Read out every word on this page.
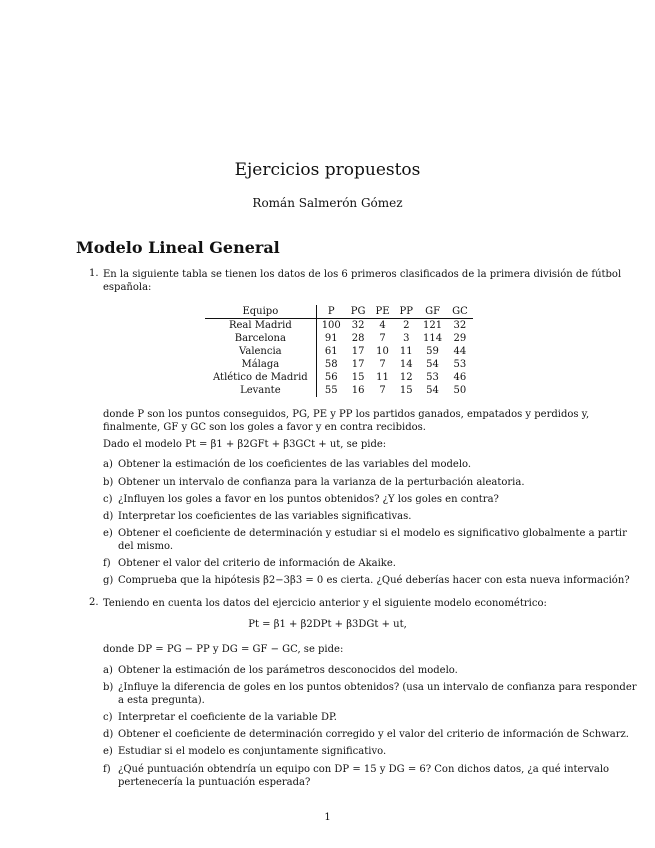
Ejercicios propuestos
Román Salmerón Gómez
Modelo Lineal General
1. En la siguiente tabla se tienen los datos de los 6 primeros clasificados de la primera división de fútbol
española:
Equipo	P	PG	PE	PP	GF	GC
Real Madrid	100	32	4	2	121	32
Barcelona	91	28	7	3	114	29
Valencia	61	17	10	11	59	44
Málaga	58	17	7	14	54	53
Atlético de Madrid	56	15	11	12	53	46
Levante	55	16	7	15	54	50
donde P son los puntos conseguidos, PG, PE y PP los partidos ganados, empatados y perdidos y,
finalmente, GF y GC son los goles a favor y en contra recibidos.
Dado el modelo Pt = β1 + β2GFt + β3GCt + ut, se pide:
a) Obtener la estimación de los coeficientes de las variables del modelo.
b) Obtener un intervalo de confianza para la varianza de la perturbación aleatoria.
c) ¿Influyen los goles a favor en los puntos obtenidos? ¿Y los goles en contra?
d) Interpretar los coeficientes de las variables significativas.
e) Obtener el coeficiente de determinación y estudiar si el modelo es significativo globalmente a partir
del mismo.
f) Obtener el valor del criterio de información de Akaike.
g) Comprueba que la hipótesis β2−3β3 = 0 es cierta. ¿Qué deberías hacer con esta nueva información?
2. Teniendo en cuenta los datos del ejercicio anterior y el siguiente modelo econométrico:
Pt = β1 + β2DPt + β3DGt + ut,
donde DP = PG − PP y DG = GF − GC, se pide:
a) Obtener la estimación de los parámetros desconocidos del modelo.
b) ¿Influye la diferencia de goles en los puntos obtenidos? (usa un intervalo de confianza para responder
a esta pregunta).
c) Interpretar el coeficiente de la variable DP.
d) Obtener el coeficiente de determinación corregido y el valor del criterio de información de Schwarz.
e) Estudiar si el modelo es conjuntamente significativo.
f) ¿Qué puntuación obtendría un equipo con DP = 15 y DG = 6? Con dichos datos, ¿a qué intervalo
pertenecería la puntuación esperada?
1
